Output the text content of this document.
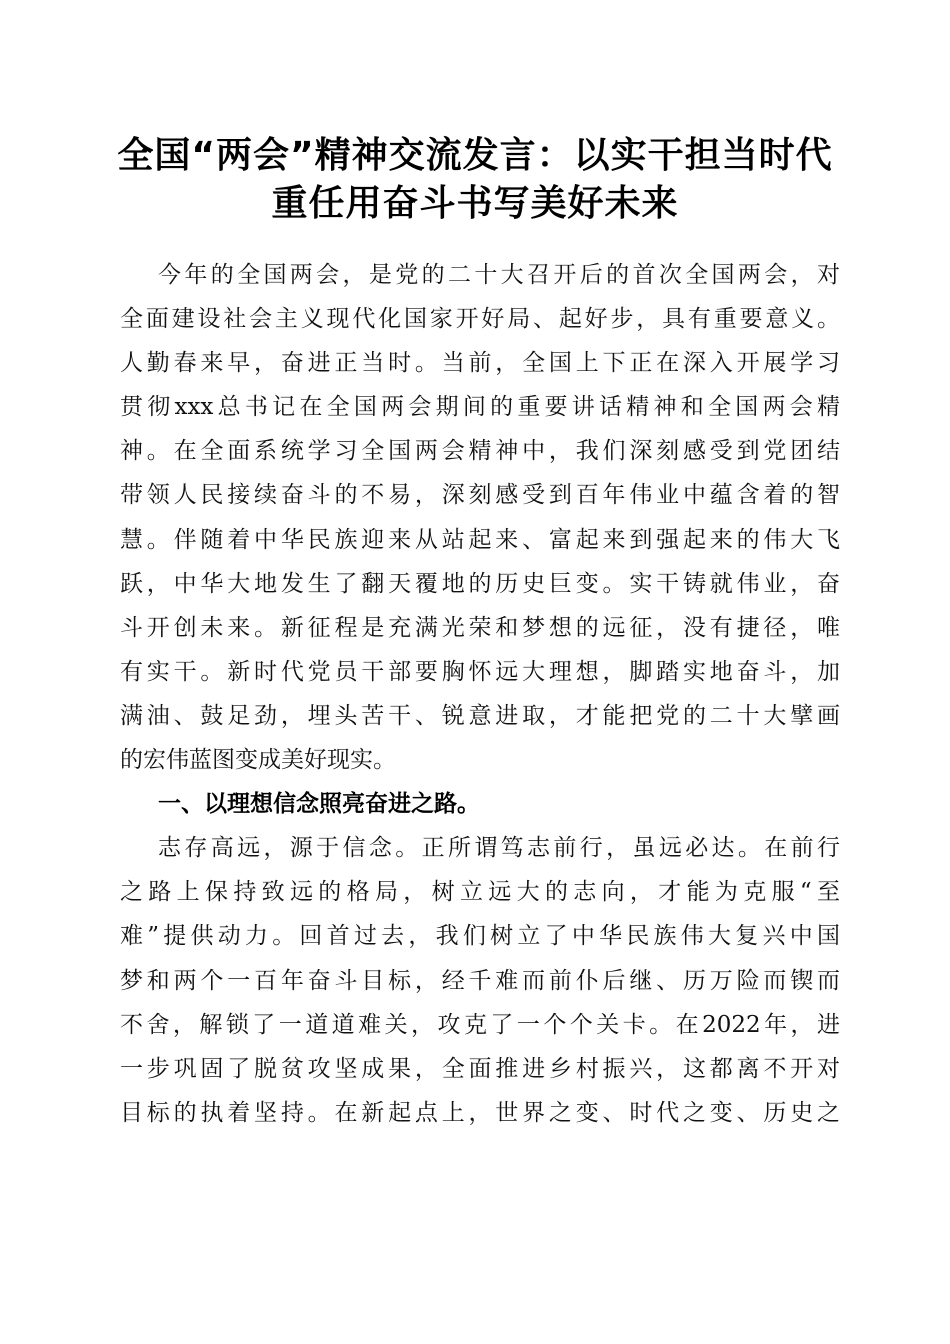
全国“两会”精神交流发言：以实干担当时代
重任用奋斗书写美好未来
今年的全国两会，是党的二十大召开后的首次全国两会，对
全面建设社会主义现代化国家开好局、起好步，具有重要意义。
人勤春来早，奋进正当时。当前，全国上下正在深入开展学习
贯彻xxx总书记在全国两会期间的重要讲话精神和全国两会精
神。在全面系统学习全国两会精神中，我们深刻感受到党团结
带领人民接续奋斗的不易，深刻感受到百年伟业中蕴含着的智
慧。伴随着中华民族迎来从站起来、富起来到强起来的伟大飞
跃，中华大地发生了翻天覆地的历史巨变。实干铸就伟业，奋
斗开创未来。新征程是充满光荣和梦想的远征，没有捷径，唯
有实干。新时代党员干部要胸怀远大理想，脚踏实地奋斗，加
满油、鼓足劲，埋头苦干、锐意进取，才能把党的二十大擘画
的宏伟蓝图变成美好现实。
一、以理想信念照亮奋进之路。
志存高远，源于信念。正所谓笃志前行，虽远必达。在前行
之路上保持致远的格局，树立远大的志向，才能为克服“至
难”提供动力。回首过去，我们树立了中华民族伟大复兴中国
梦和两个一百年奋斗目标，经千难而前仆后继、历万险而锲而
不舍，解锁了一道道难关，攻克了一个个关卡。在2022年，进
一步巩固了脱贫攻坚成果，全面推进乡村振兴，这都离不开对
目标的执着坚持。在新起点上，世界之变、时代之变、历史之
